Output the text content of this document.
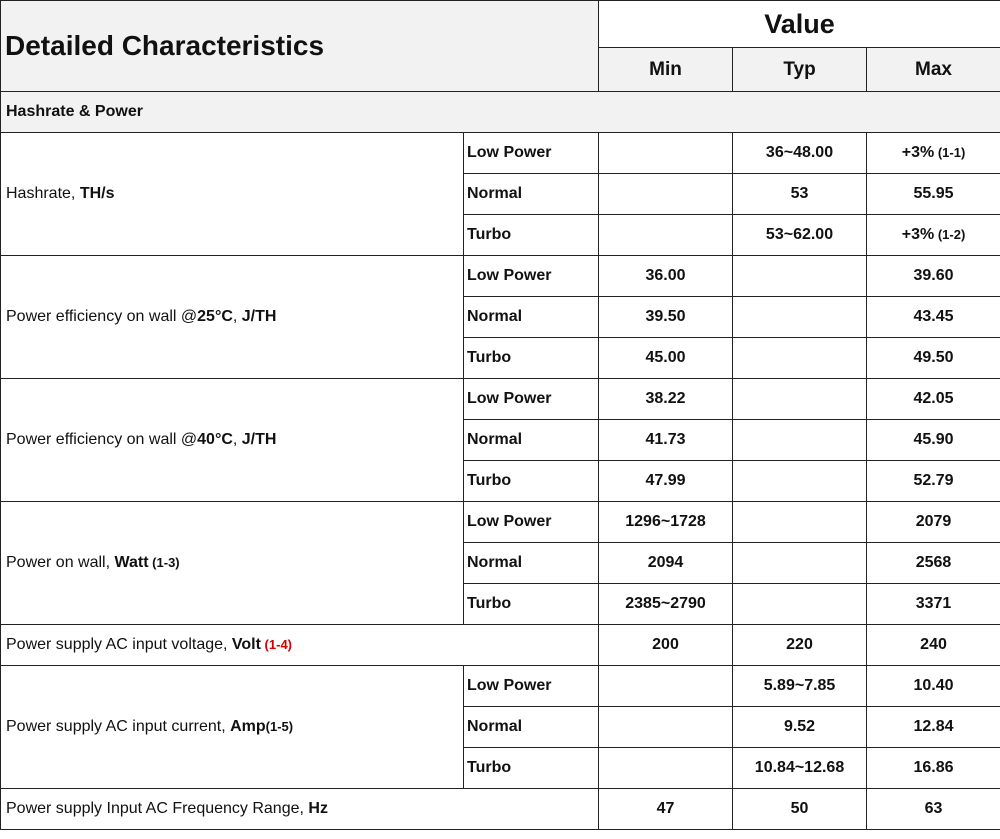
Detailed Characteristics		Value		
		Min	Typ	Max
Hashrate & Power				
Hashrate, TH/s	Low Power		36~48.00	+3% (1-1)
	Normal		53	55.95
	Turbo		53~62.00	+3% (1-2)
Power efficiency on wall @25°C, J/TH	Low Power	36.00		39.60
	Normal	39.50		43.45
	Turbo	45.00		49.50
Power efficiency on wall @40°C, J/TH	Low Power	38.22		42.05
	Normal	41.73		45.90
	Turbo	47.99		52.79
Power on wall, Watt (1-3)	Low Power	1296~1728		2079
	Normal	2094		2568
	Turbo	2385~2790		3371
Power supply AC input voltage, Volt (1-4)		200	220	240
Power supply AC input current, Amp(1-5)	Low Power		5.89~7.85	10.40
	Normal		9.52	12.84
	Turbo		10.84~12.68	16.86
Power supply Input AC Frequency Range, Hz		47	50	63
